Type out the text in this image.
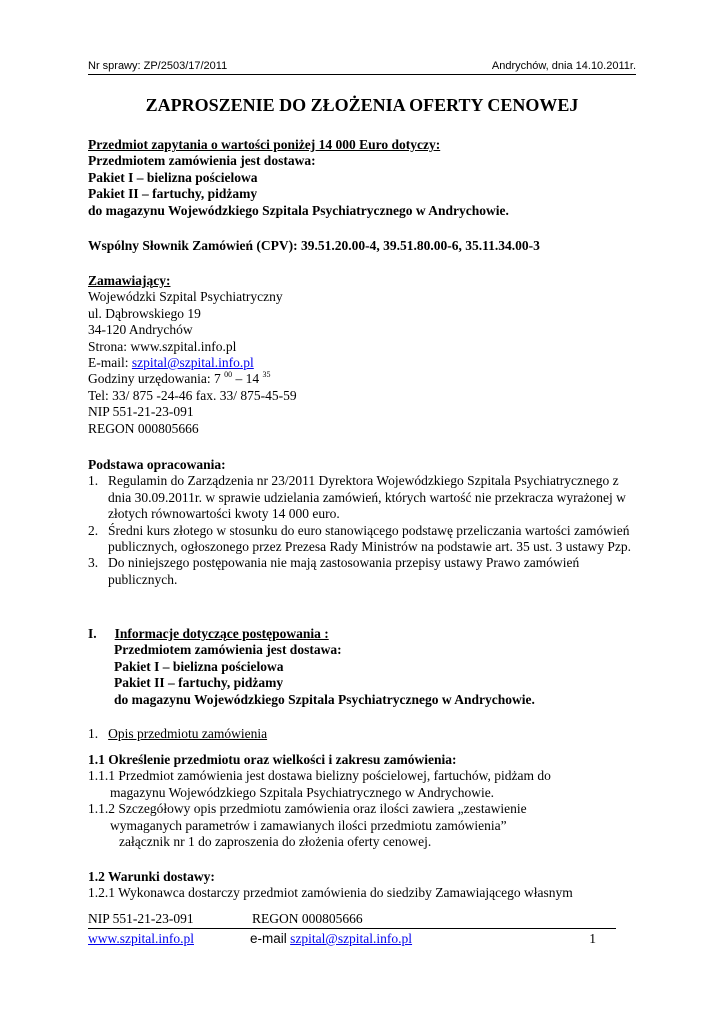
Nr sprawy: ZP/2503/17/2011	Andrychów, dnia 14.10.2011r.
ZAPROSZENIE DO ZŁOŻENIA OFERTY CENOWEJ
Przedmiot zapytania o wartości poniżej 14 000 Euro dotyczy:
Przedmiotem zamówienia jest dostawa:
Pakiet I – bielizna pościelowa
Pakiet II – fartuchy, pidżamy
do magazynu Wojewódzkiego Szpitala Psychiatrycznego w Andrychowie.
Wspólny Słownik Zamówień (CPV): 39.51.20.00-4, 39.51.80.00-6, 35.11.34.00-3
Zamawiający:
Wojewódzki Szpital Psychiatryczny
ul. Dąbrowskiego 19
34-120 Andrychów
Strona: www.szpital.info.pl
E-mail: szpital@szpital.info.pl
Godziny urzędowania: 7 $^{00}$ – 14 $^{35}$
Tel: 33/ 875 -24-46 fax. 33/ 875-45-59
NIP 551-21-23-091
REGON 000805666
Podstawa opracowania:
1. Regulamin do Zarządzenia nr 23/2011 Dyrektora Wojewódzkiego Szpitala Psychiatrycznego z dnia 30.09.2011r. w sprawie udzielania zamówień, których wartość nie przekracza wyrażonej w złotych równowartości kwoty 14 000 euro.
2. Średni kurs złotego w stosunku do euro stanowiącego podstawę przeliczania wartości zamówień publicznych, ogłoszonego przez Prezesa Rady Ministrów na podstawie art. 35 ust. 3 ustawy Pzp.
3. Do niniejszego postępowania nie mają zastosowania przepisy ustawy Prawo zamówień publicznych.
I. Informacje dotyczące postępowania :
Przedmiotem zamówienia jest dostawa:
Pakiet I – bielizna pościelowa
Pakiet II – fartuchy, pidżamy
do magazynu Wojewódzkiego Szpitala Psychiatrycznego w Andrychowie.
1. Opis przedmiotu zamówienia
1.1 Określenie przedmiotu oraz wielkości i zakresu zamówienia:
1.1.1 Przedmiot zamówienia jest dostawa bielizny pościelowej, fartuchów, pidżam do
magazynu Wojewódzkiego Szpitala Psychiatrycznego w Andrychowie.
1.1.2 Szczegółowy opis przedmiotu zamówienia oraz ilości zawiera „zestawienie
wymaganych parametrów i zamawianych ilości przedmiotu zamówienia”
załącznik nr 1 do zaproszenia do złożenia oferty cenowej.
1.2 Warunki dostawy:
1.2.1 Wykonawca dostarczy przedmiot zamówienia do siedziby Zamawiającego własnym
NIP 551-21-23-091	REGON 000805666
www.szpital.info.pl	e-mail szpital@szpital.info.pl	1
